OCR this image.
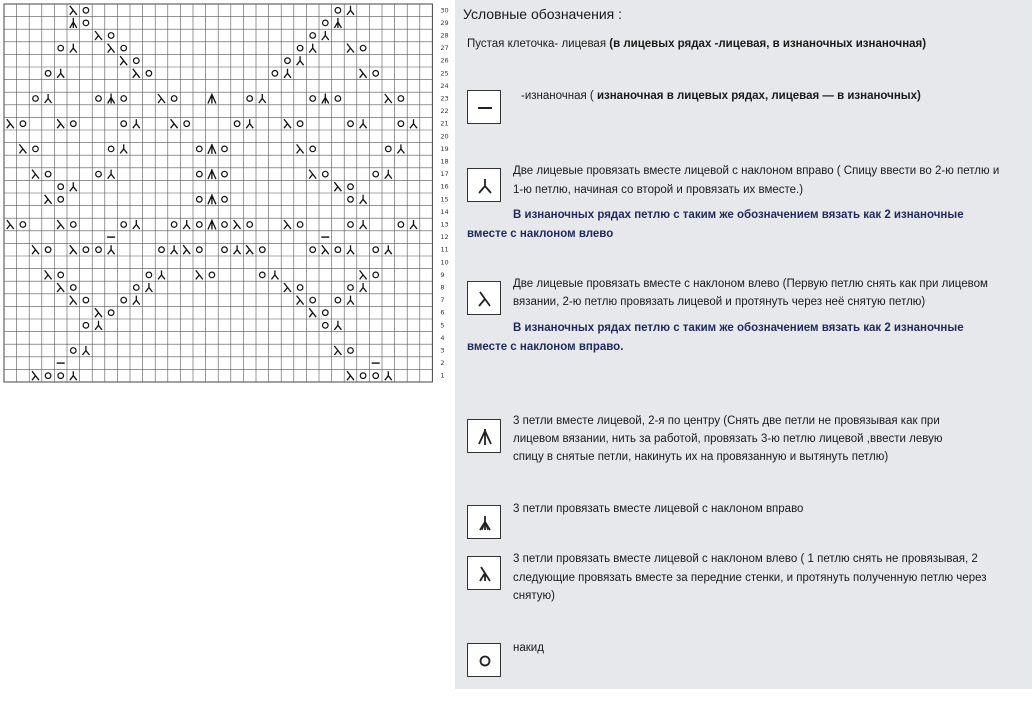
1
2
3
4
5
6
7
8
9
10
11
12
13
14
15
16
17
18
19
20
21
22
23
24
25
26
27
28
29
30 Условные обозначения :
Пустая клеточка- лицевая (в лицевых рядах -лицевая, в изнаночных изнаночная)
-изнаночная ( изнаночная в лицевых рядах, лицевая — в изнаночных)
Две лицевые провязать вместе лицевой с наклоном вправо ( Спицу ввести во 2-ю петлю и
1-ю петлю, начиная со второй и провязать их вместе.)
В изнаночных рядах петлю с таким же обозначением вязать как 2 изнаночные
вместе с наклоном влево
Две лицевые провязать вместе с наклоном влево (Первую петлю снять как при лицевом
вязании, 2-ю петлю провязать лицевой и протянуть через неё снятую петлю)
В изнаночных рядах петлю с таким же обозначением вязать как 2 изнаночные
вместе с наклоном вправо.
3 петли вместе лицевой, 2-я по центру (Снять две петли не провязывая как при
лицевом вязании, нить за работой, провязать 3-ю петлю лицевой ,ввести левую
спицу в снятые петли, накинуть их на провязанную и вытянуть петлю)
3 петли провязать вместе лицевой с наклоном вправо
3 петли провязать вместе лицевой с наклоном влево ( 1 петлю снять не провязывая, 2
следующие провязать вместе за передние стенки, и протянуть полученную петлю через
снятую)
накид
